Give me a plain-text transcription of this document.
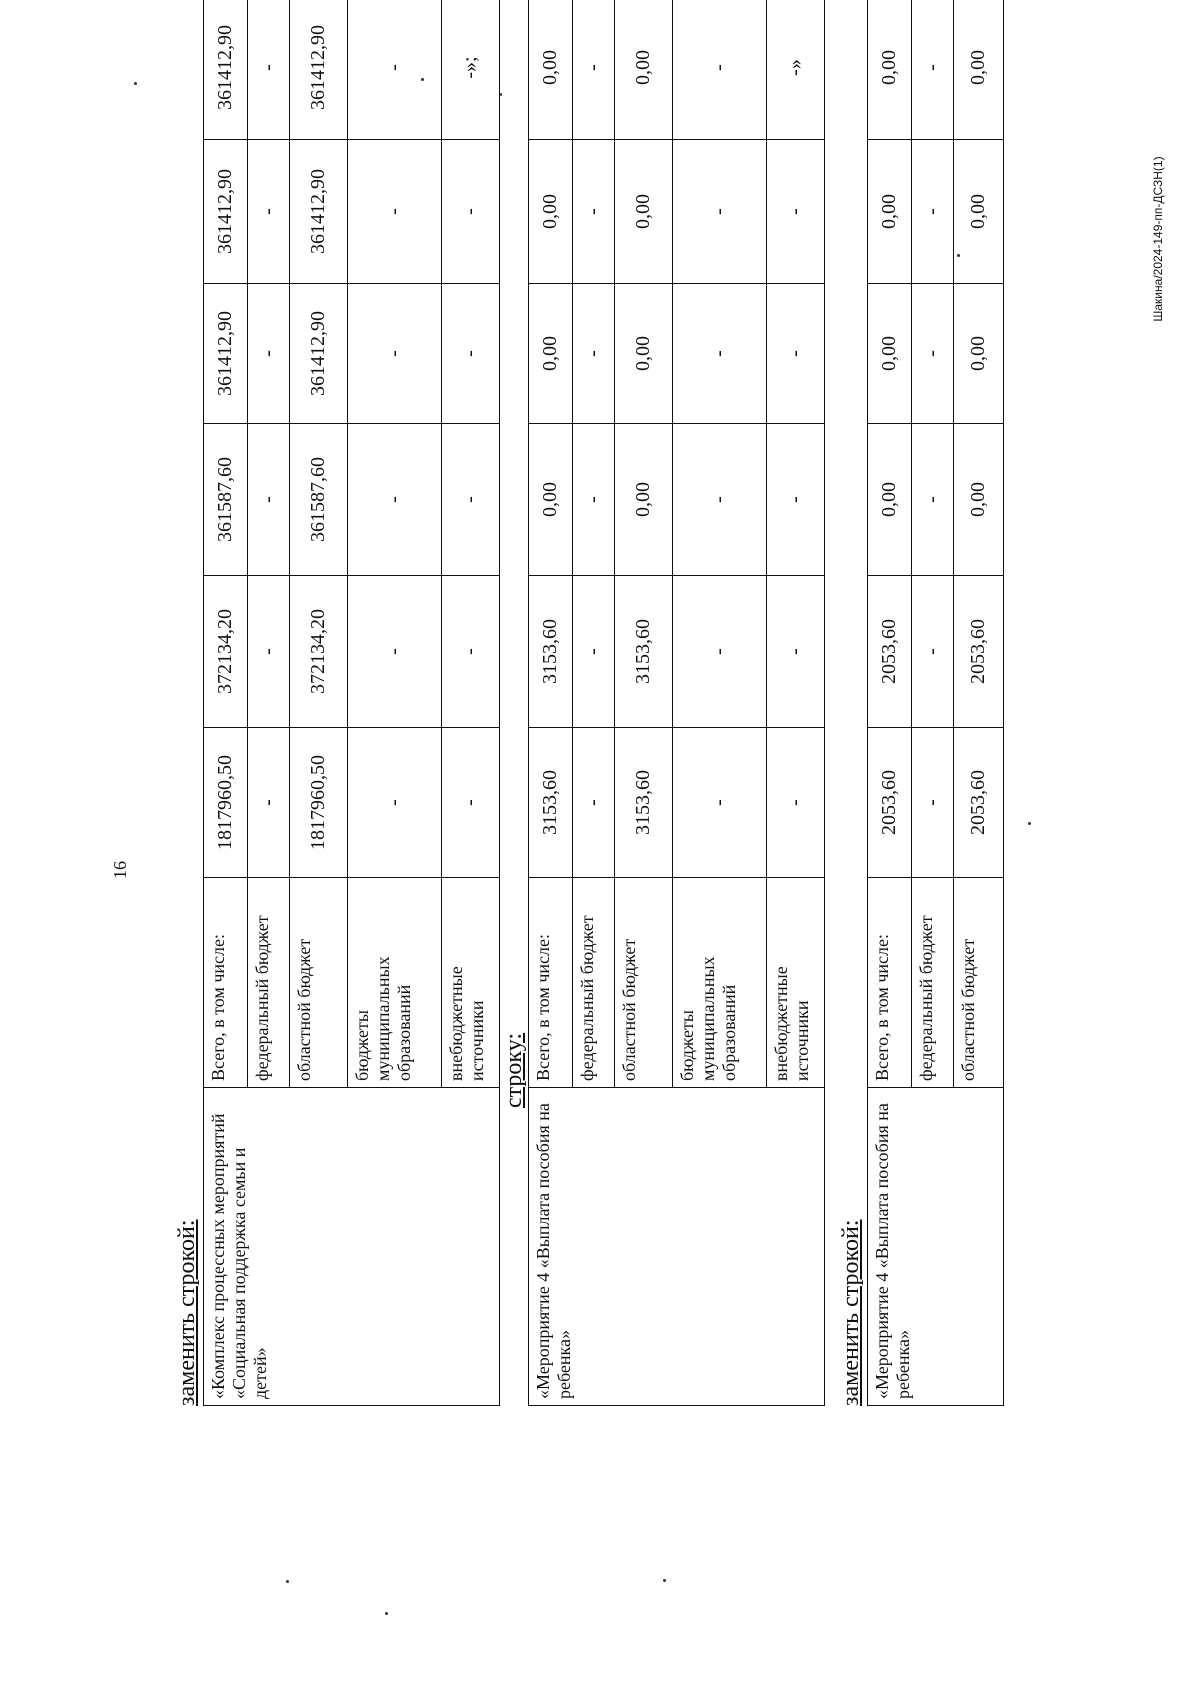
16
Шакина/2024-149-пп-ДСЗН(1)
заменить строкой: «Комплекс процессных мероприятий «Социальная поддержка семьи и детей»	Всего, в том числе:	1817960,50	372134,20	361587,60	361412,90	361412,90	361412,90
	федеральный бюджет	-	-	-	-	-	-
	областной бюджет	1817960,50	372134,20	361587,60	361412,90	361412,90	361412,90
	бюджеты муниципальных образований	-	-	-	-	-	-
	внебюджетные источники	-	-	-	-	-	-»;
строку:
«Мероприятие 4 «Выплата пособия на ребенка»	Всего, в том числе:	3153,60	3153,60	0,00	0,00	0,00	0,00
	федеральный бюджет	-	-	-	-	-	-
	областной бюджет	3153,60	3153,60	0,00	0,00	0,00	0,00
	бюджеты муниципальных образований	-	-	-	-	-	-
	внебюджетные источники	-	-	-	-	-	-»
заменить строкой: «Мероприятие 4 «Выплата пособия на ребенка»	Всего, в том числе:	2053,60	2053,60	0,00	0,00	0,00	0,00
	федеральный бюджет	-	-	-	-	-	-
	областной бюджет	2053,60	2053,60	0,00	0,00	0,00	0,00
